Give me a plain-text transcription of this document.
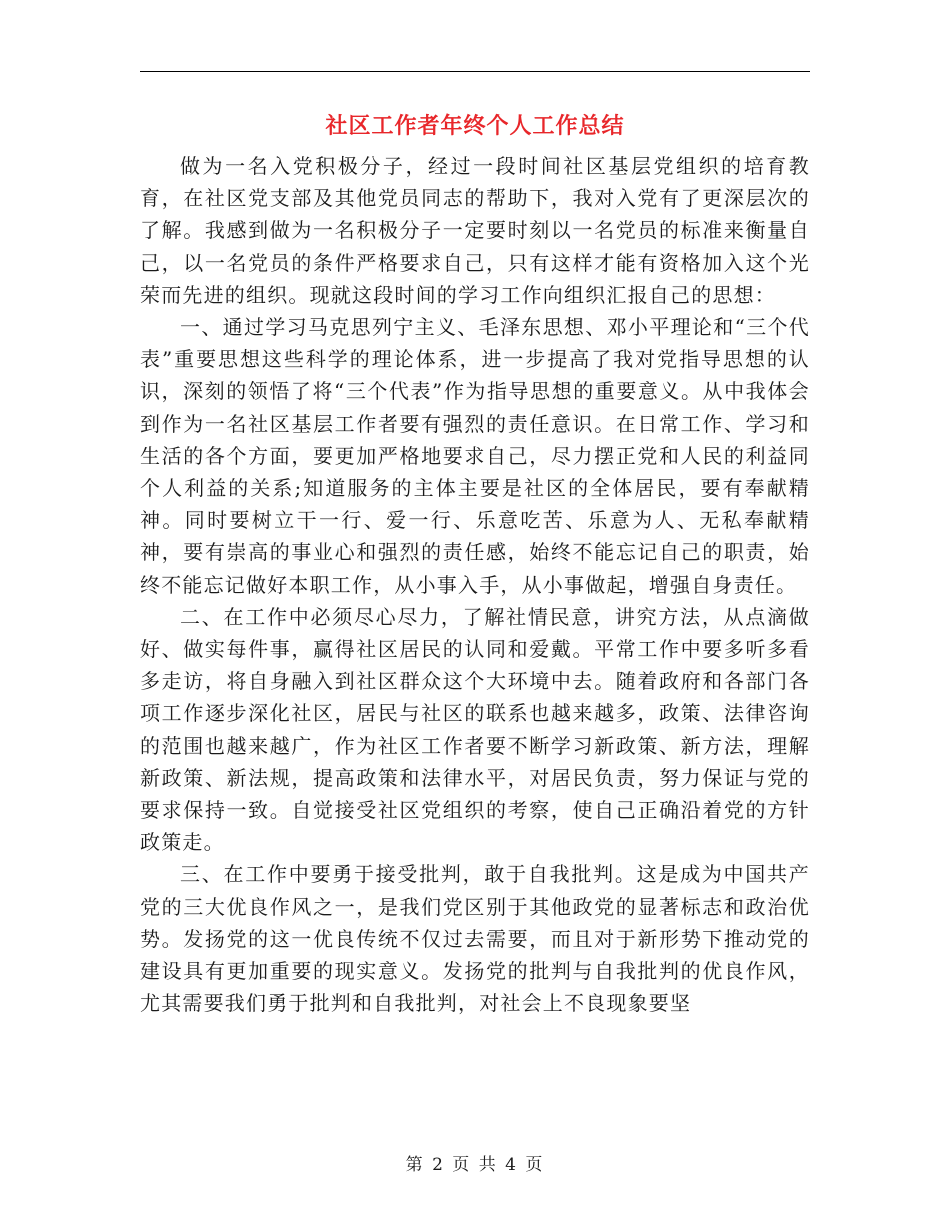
社区工作者年终个人工作总结

做为一名入党积极分子，经过一段时间社区基层党组织的培育教育，在社区党支部及其他党员同志的帮助下，我对入党有了更深层次的了解。我感到做为一名积极分子一定要时刻以一名党员的标准来衡量自己，以一名党员的条件严格要求自己，只有这样才能有资格加入这个光荣而先进的组织。现就这段时间的学习工作向组织汇报自己的思想：

一、通过学习马克思列宁主义、毛泽东思想、邓小平理论和“三个代表”重要思想这些科学的理论体系，进一步提高了我对党指导思想的认识，深刻的领悟了将“三个代表”作为指导思想的重要意义。从中我体会到作为一名社区基层工作者要有强烈的责任意识。在日常工作、学习和生活的各个方面，要更加严格地要求自己，尽力摆正党和人民的利益同个人利益的关系;知道服务的主体主要是社区的全体居民，要有奉献精神。同时要树立干一行、爱一行、乐意吃苦、乐意为人、无私奉献精神，要有崇高的事业心和强烈的责任感，始终不能忘记自己的职责，始终不能忘记做好本职工作，从小事入手，从小事做起，增强自身责任。

二、在工作中必须尽心尽力，了解社情民意，讲究方法，从点滴做好、做实每件事，赢得社区居民的认同和爱戴。平常工作中要多听多看多走访，将自身融入到社区群众这个大环境中去。随着政府和各部门各项工作逐步深化社区，居民与社区的联系也越来越多，政策、法律咨询的范围也越来越广，作为社区工作者要不断学习新政策、新方法，理解新政策、新法规，提高政策和法律水平，对居民负责，努力保证与党的要求保持一致。自觉接受社区党组织的考察，使自己正确沿着党的方针政策走。

三、在工作中要勇于接受批判，敢于自我批判。这是成为中国共产党的三大优良作风之一，是我们党区别于其他政党的显著标志和政治优势。发扬党的这一优良传统不仅过去需要，而且对于新形势下推动党的建设具有更加重要的现实意义。发扬党的批判与自我批判的优良作风，尤其需要我们勇于批判和自我批判，对社会上不良现象要坚

第 2 页 共 4 页
